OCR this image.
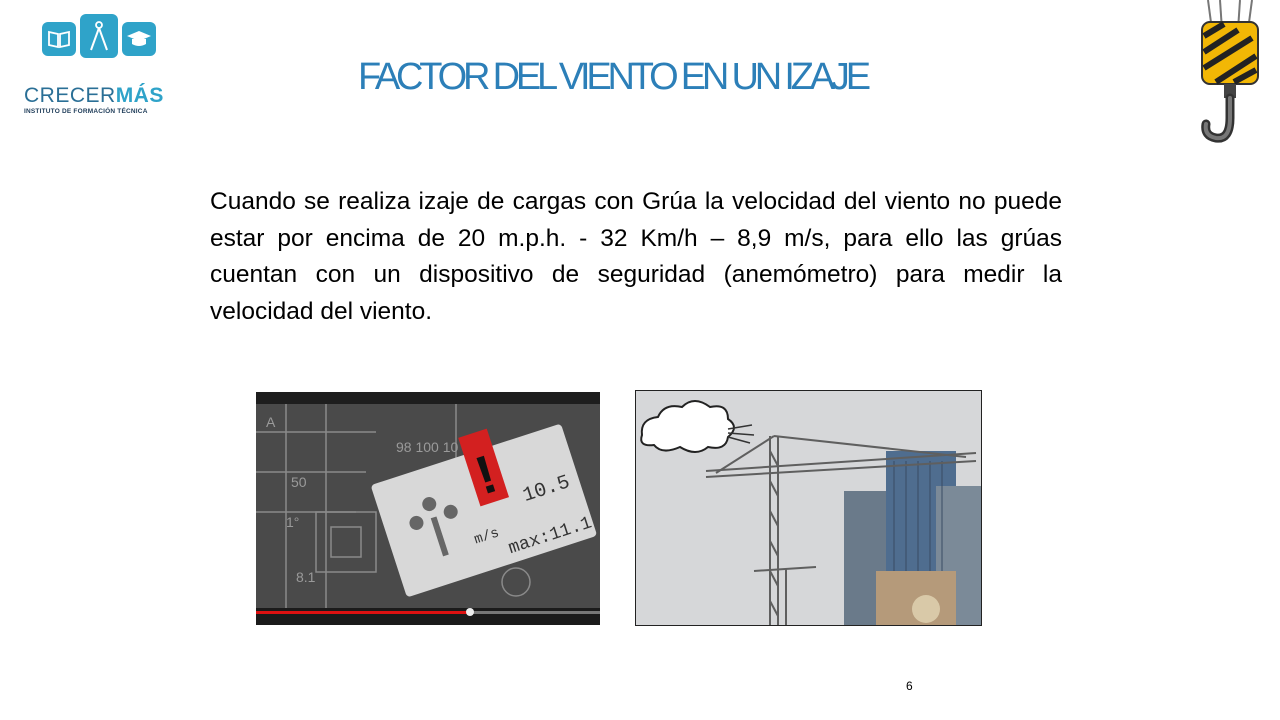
CRECERMÁS
INSTITUTO DE FORMACIÓN TÉCNICA
FACTOR DEL VIENTO EN UN IZAJE
Cuando se realiza izaje de cargas con Grúa la velocidad del viento no puede estar por encima de 20 m.p.h. - 32 Km/h – 8,9 m/s, para ello las grúas cuentan con un dispositivo de seguridad (anemómetro) para medir la velocidad del viento.
A
50
1°
98 100 10
8.1
! 10.5
m/s max:11.1
6
